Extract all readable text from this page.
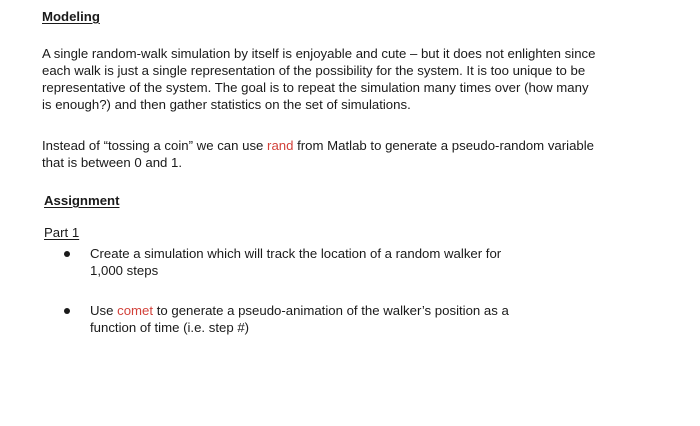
Modeling
A single random-walk simulation by itself is enjoyable and cute – but it does not enlighten since
each walk is just a single representation of the possibility for the system. It is too unique to be
representative of the system. The goal is to repeat the simulation many times over (how many
is enough?) and then gather statistics on the set of simulations.
Instead of “tossing a coin” we can use rand from Matlab to generate a pseudo-random variable
that is between 0 and 1.
Assignment
Part 1
Create a simulation which will track the location of a random walker for
1,000 steps
Use comet to generate a pseudo-animation of the walker’s position as a
function of time (i.e. step #)
